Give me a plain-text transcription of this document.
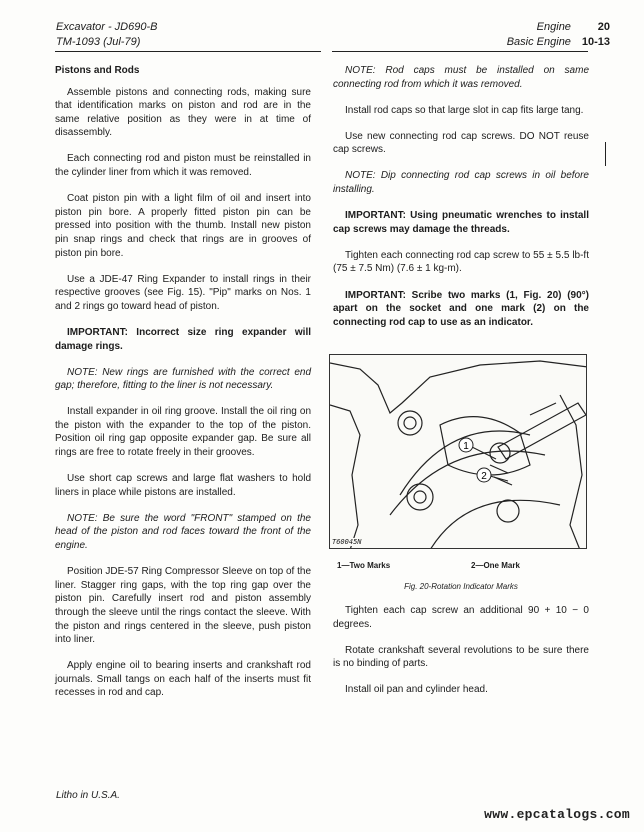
Excavator - JD690-B
TM-1093 (Jul-79)
Engine 20
Basic Engine 10-13
Pistons and Rods

Assemble pistons and connecting rods, making sure that identification marks on piston and rod are in the same relative position as they were in at time of disassembly.

Each connecting rod and piston must be reinstalled in the cylinder liner from which it was removed.

Coat piston pin with a light film of oil and insert into piston pin bore. A properly fitted piston pin can be pressed into position with the thumb. Install new piston pin snap rings and check that rings are in grooves of piston pin bore.

Use a JDE-47 Ring Expander to install rings in their respective grooves (see Fig. 15). "Pip" marks on Nos. 1 and 2 rings go toward head of piston.

IMPORTANT: Incorrect size ring expander will damage rings.

NOTE: New rings are furnished with the correct end gap; therefore, fitting to the liner is not necessary.

Install expander in oil ring groove. Install the oil ring on the piston with the expander to the top of the piston. Position oil ring gap opposite expander gap. Be sure all rings are free to rotate freely in their grooves.

Use short cap screws and large flat washers to hold liners in place while pistons are installed.

NOTE: Be sure the word "FRONT" stamped on the head of the piston and rod faces toward the front of the engine.

Position JDE-57 Ring Compressor Sleeve on top of the liner. Stagger ring gaps, with the top ring gap over the piston pin. Carefully insert rod and piston assembly through the sleeve until the rings contact the sleeve. With the piston and rings centered in the sleeve, push piston into liner.

Apply engine oil to bearing inserts and crankshaft rod journals. Small tangs on each half of the inserts must fit recesses in rod and cap.

NOTE: Rod caps must be installed on same connecting rod from which it was removed.

Install rod caps so that large slot in cap fits large tang.

Use new connecting rod cap screws. DO NOT reuse cap screws.

NOTE: Dip connecting rod cap screws in oil before installing.

IMPORTANT: Using pneumatic wrenches to install cap screws may damage the threads.

Tighten each connecting rod cap screw to 55 ± 5.5 lb-ft (75 ± 7.5 Nm) (7.6 ± 1 kg-m).

IMPORTANT: Scribe two marks (1, Fig. 20) (90°) apart on the socket and one mark (2) on the connecting rod cap to use as an indicator.

1
2
T60045N
1—Two Marks	2—One Mark
Fig. 20-Rotation Indicator Marks

Tighten each cap screw an additional 90 + 10 − 0 degrees.

Rotate crankshaft several revolutions to be sure there is no binding of parts.

Install oil pan and cylinder head.

Litho in U.S.A.
www.epcatalogs.com
